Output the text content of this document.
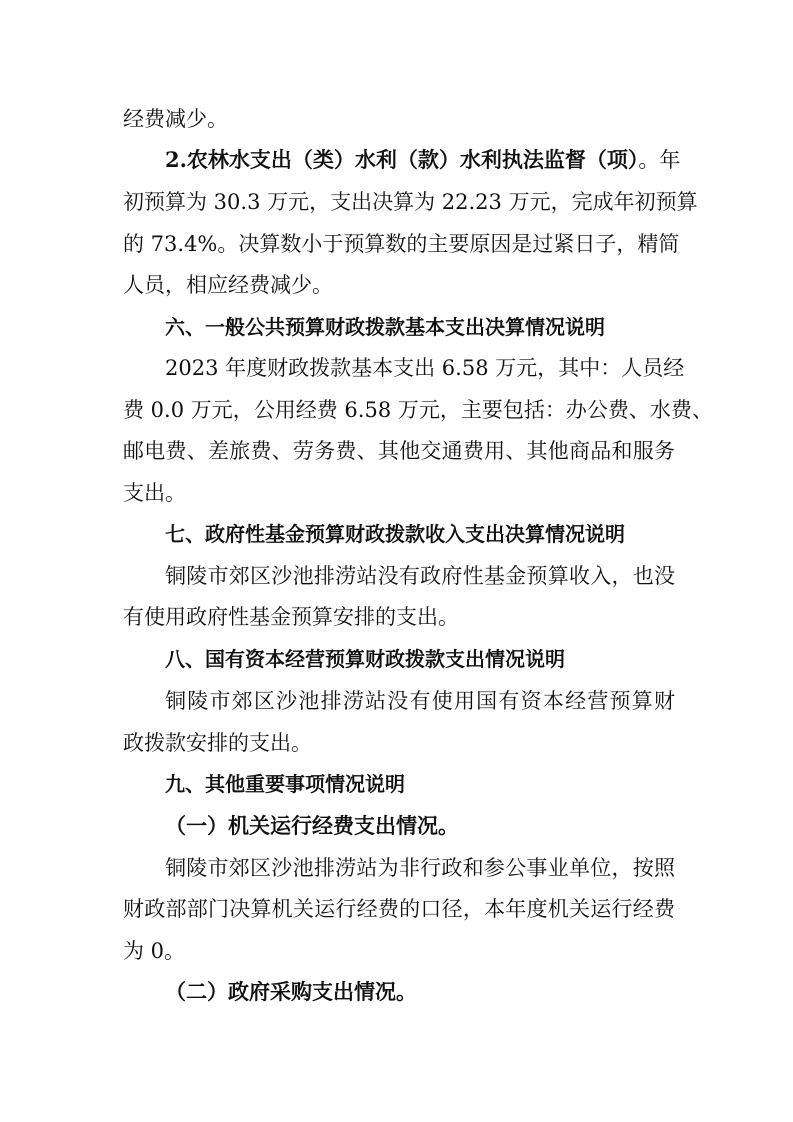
经费减少。
2.农林水支出（类）水利（款）水利执法监督（项）。年
初预算为 30.3 万元，支出决算为 22.23 万元，完成年初预算
的 73.4%。决算数小于预算数的主要原因是过紧日子，精简
人员，相应经费减少。
六、一般公共预算财政拨款基本支出决算情况说明
2023 年度财政拨款基本支出 6.58 万元，其中：人员经
费 0.0 万元，公用经费 6.58 万元，主要包括：办公费、水费、
邮电费、差旅费、劳务费、其他交通费用、其他商品和服务
支出。
七、政府性基金预算财政拨款收入支出决算情况说明
铜陵市郊区沙池排涝站没有政府性基金预算收入，也没
有使用政府性基金预算安排的支出。
八、国有资本经营预算财政拨款支出情况说明
铜陵市郊区沙池排涝站没有使用国有资本经营预算财
政拨款安排的支出。
九、其他重要事项情况说明
（一）机关运行经费支出情况。
铜陵市郊区沙池排涝站为非行政和参公事业单位，按照
财政部部门决算机关运行经费的口径，本年度机关运行经费
为 0。
（二）政府采购支出情况。
